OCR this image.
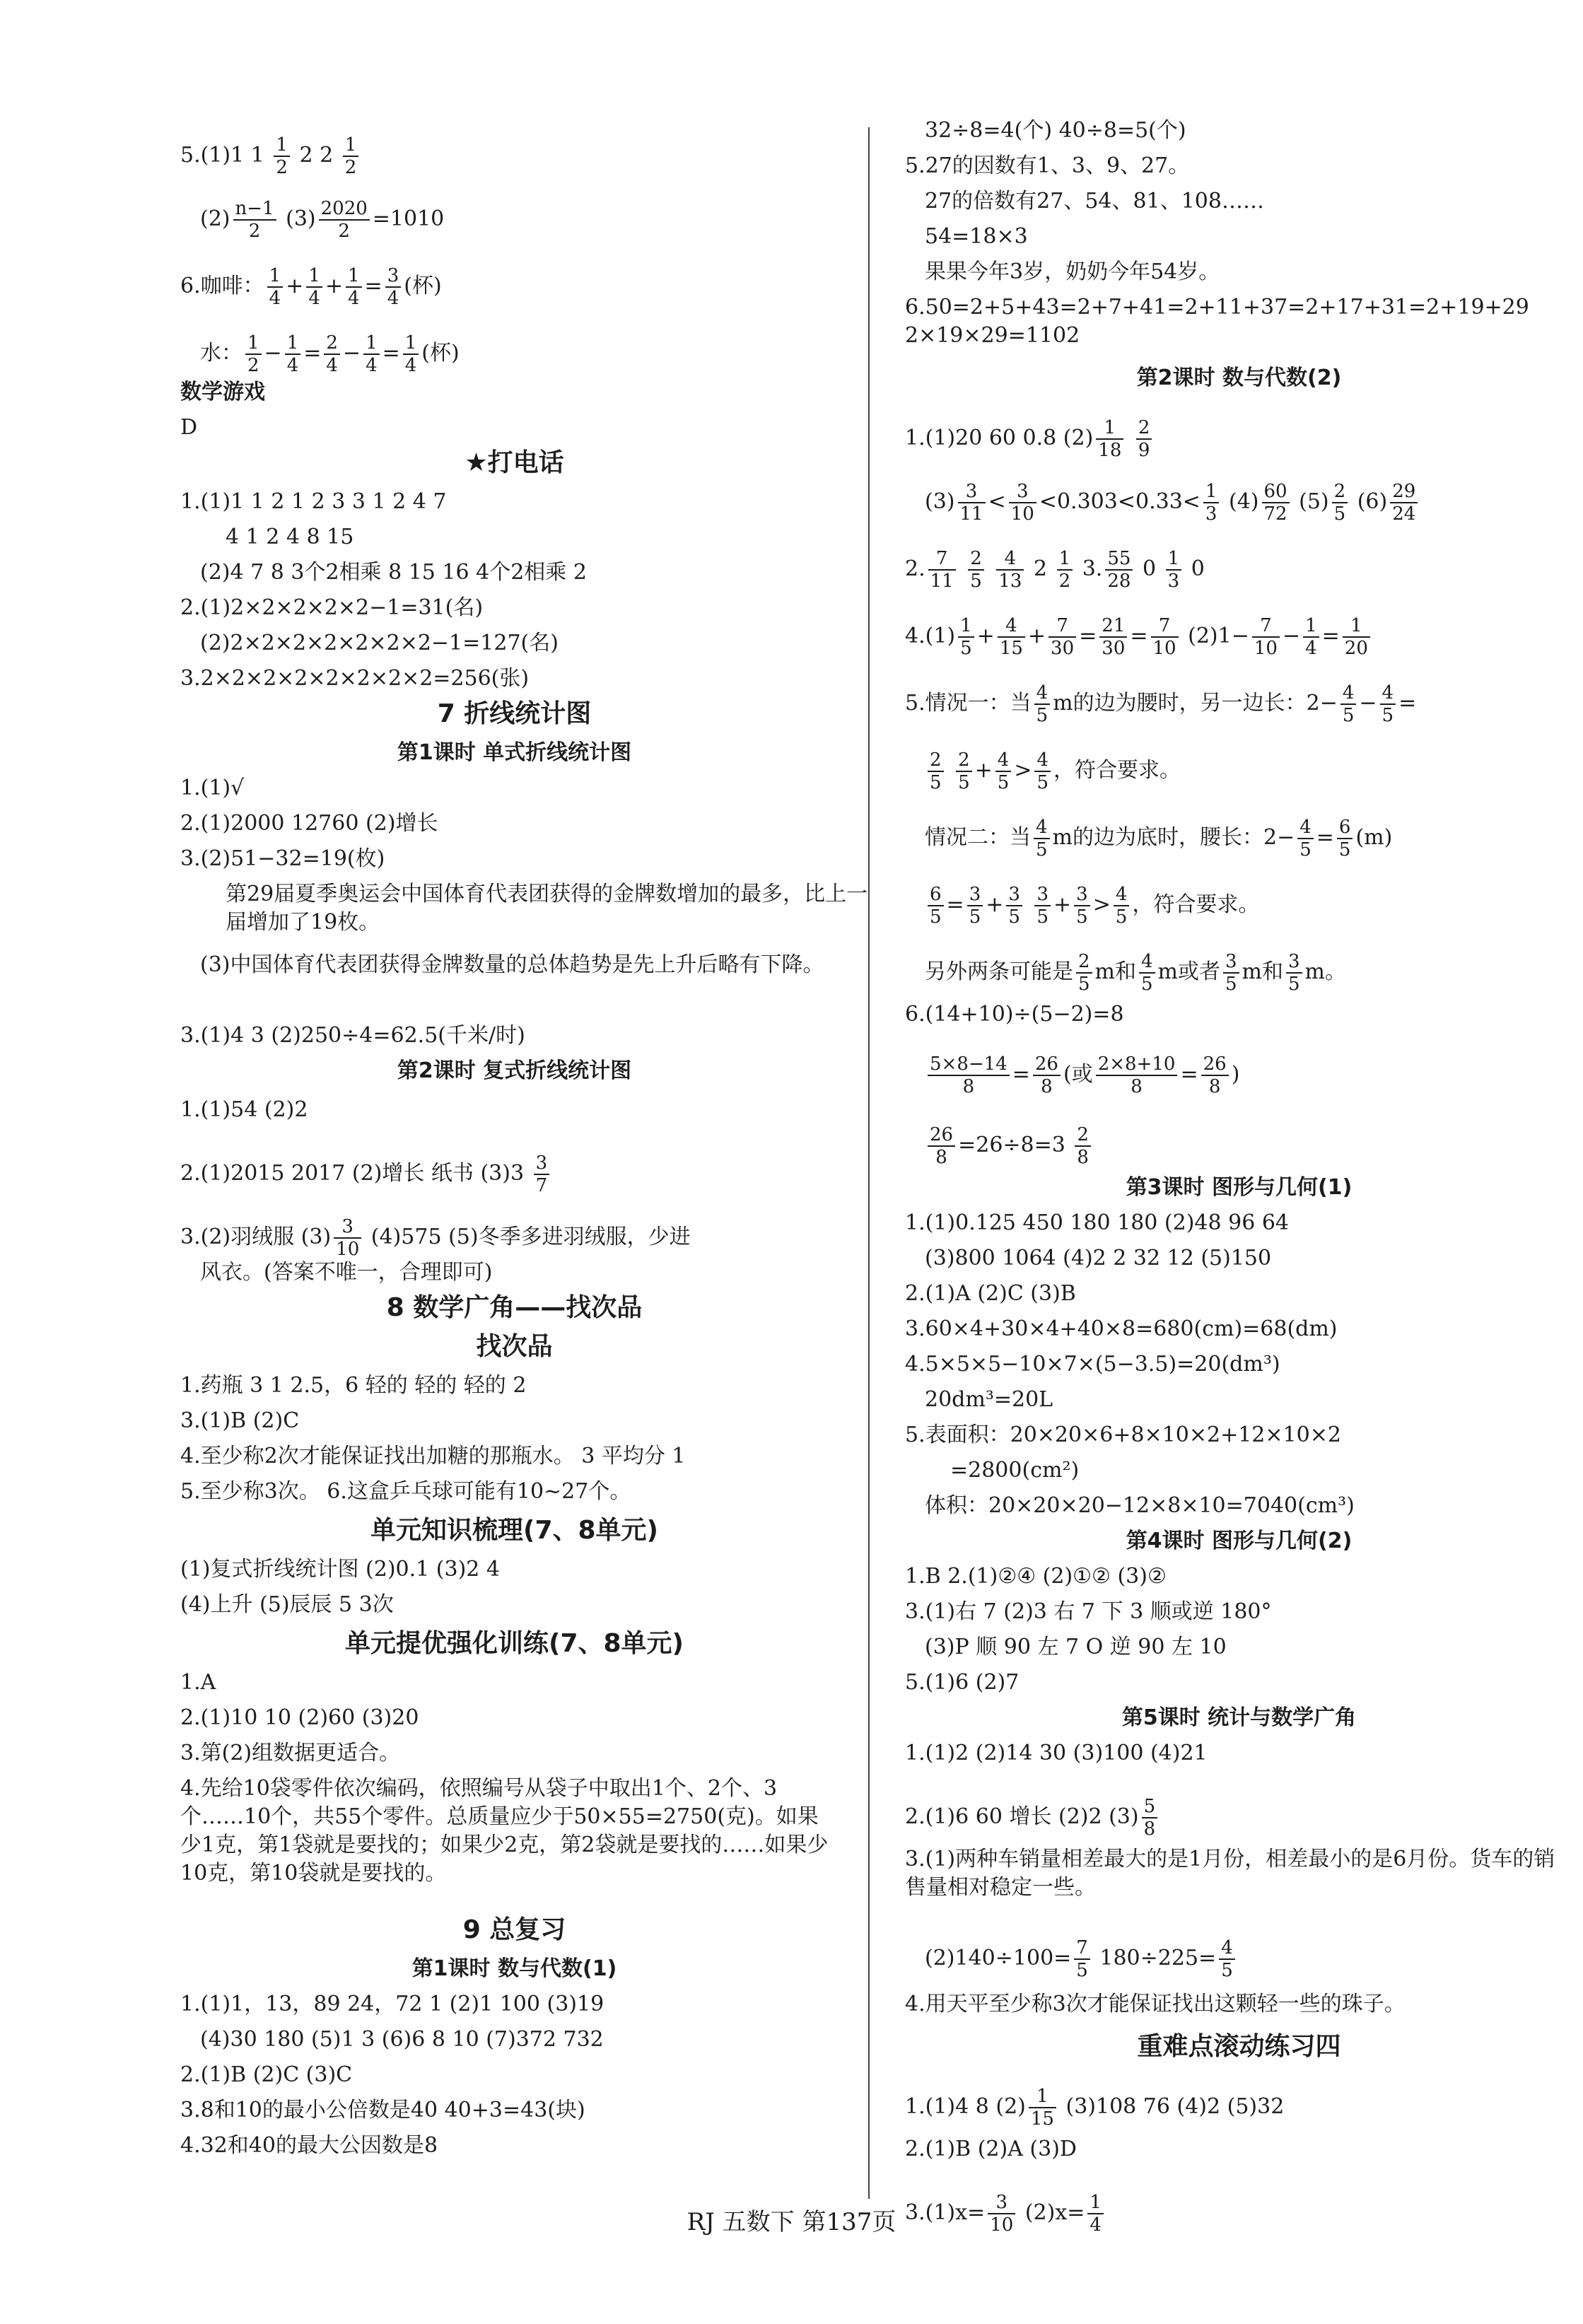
5.(1)1 $1 \frac{1}{2} 2$ $2 \frac{1}{2}$
$(2) \frac{n-1}{2} (3) \frac{2020}{2} =1010$
6.咖啡： $\frac{1}{4} + \frac{1}{4} + \frac{1}{4} = \frac{3}{4}$ (杯)
水： $\frac{1}{2} - \frac{1}{4} = \frac{2}{4} - \frac{1}{4} = \frac{1}{4}$ (杯)
数学游戏
D
★打电话
1.(1)1 1 2 1 2 3 3 1 2 4 7
4 1 2 4 8 15
(2)4 7 8 3个2相乘 8 15 16 4个2相乘 2
2.(1)2×2×2×2×2−1=31(名)
(2)2×2×2×2×2×2×2−1=127(名)
3.2×2×2×2×2×2×2×2=256(张)
7 折线统计图
第1课时 单式折线统计图
1.(1)√
2.(1)2000 12760 (2)增长
3.(2)51−32=19(枚)
第29届夏季奥运会中国体育代表团获得的金牌数增加的最多，比上一届增加了19枚。
(3)中国体育代表团获得金牌数量的总体趋势是先上升后略有下降。
3.(1)4 3 (2)250÷4=62.5(千米/时)
第2课时 复式折线统计图
1.(1)54 (2)2
2.(1)2015 2017 (2)增长 纸书 $(3)3 \frac{3}{7}$
3.(2)羽绒服 $(3) \frac{3}{10} (4)575$ (5)冬季多进羽绒服，少进
风衣。(答案不唯一，合理即可)
8 数学广角——找次品
找次品
1.药瓶 3 1 2.5，6 轻的 轻的 轻的 2
3.(1)B (2)C
4.至少称2次才能保证找出加糖的那瓶水。 3 平均分 1
5.至少称3次。 6.这盒乒乓球可能有10~27个。
单元知识梳理(7、8单元)
(1)复式折线统计图 (2)0.1 (3)2 4
(4)上升 (5)辰辰 5 3次
单元提优强化训练(7、8单元)
1.A
2.(1)10 10 (2)60 (3)20
3.第(2)组数据更适合。
4.先给10袋零件依次编码，依照编号从袋子中取出1个、2个、3个……10个，共55个零件。总质量应少于50×55=2750(克)。如果少1克，第1袋就是要找的；如果少2克，第2袋就是要找的……如果少10克，第10袋就是要找的。
9 总复习
第1课时 数与代数(1)
1.(1)1，13，89 24，72 1 (2)1 100 (3)19
(4)30 180 (5)1 3 (6)6 8 10 (7)372 732
2.(1)B (2)C (3)C
3.8和10的最小公倍数是40 40+3=43(块)
4.32和40的最大公因数是8
32÷8=4(个) 40÷8=5(个)
5.27的因数有1、3、9、27。
27的倍数有27、54、81、108……
54=18×3
果果今年3岁，奶奶今年54岁。
6.50=2+5+43=2+7+41=2+11+37=2+17+31=2+19+29 2×19×29=1102
第2课时 数与代数(2)
1.(1)20 60 0.8 $(2) \frac{1}{18}$
$\frac{2}{9}$
$(3) \frac{3}{11} < \frac{3}{10} <0.303<0.33< \frac{1}{3} (4) \frac{60}{72} (5) \frac{2}{5} (6) \frac{29}{24}$
2. $\frac{7}{11}$
$\frac{2}{5}$
$\frac{4}{13} 2 \frac{1}{2} 3$. $\frac{55}{28} 0 \frac{1}{3} 0$
$4.(1) \frac{1}{5} + \frac{4}{15} + \frac{7}{30} = \frac{21}{30} = \frac{7}{10} (2)1- \frac{7}{10} - \frac{1}{4} = \frac{1}{20}$
5.情况一：当 $\frac{4}{5}$ m的边为腰时，另一边长：$2- \frac{4}{5} - \frac{4}{5}$ =
$\frac{2}{5}$
$\frac{2}{5} + \frac{4}{5} > \frac{4}{5}$ ，符合要求。
情况二：当 $\frac{4}{5}$ m的边为底时，腰长：$2- \frac{4}{5} = \frac{6}{5} (m)$
$\frac{6}{5} = \frac{3}{5} + \frac{3}{5}$
$\frac{3}{5} + \frac{3}{5} > \frac{4}{5}$ ，符合要求。
另外两条可能是 $\frac{2}{5}$ m和 $\frac{4}{5}$ m或者 $\frac{3}{5}$ m和 $\frac{3}{5}$ m。
6.(14+10)÷(5−2)=8
$\frac{5\times 8-14}{8} = \frac{26}{8}$ (或 $\frac{2\times 8+10}{8} = \frac{26}{8}$ )
$\frac{26}{8} =26\div 8=3 \frac{2}{8}$
第3课时 图形与几何(1)
1.(1)0.125 450 180 180 (2)48 96 64
(3)800 1064 (4)2 2 32 12 (5)150
2.(1)A (2)C (3)B
3.60×4+30×4+40×8=680(cm)=68(dm)
4.5×5×5−10×7×(5−3.5)=20(dm³)
20dm³=20L
5.表面积：20×20×6+8×10×2+12×10×2
=2800(cm²)
体积：20×20×20−12×8×10=7040(cm³)
第4课时 图形与几何(2)
1.B 2.(1)②④ (2)①② (3)②
3.(1)右 7 (2)3 右 7 下 3 顺或逆 180°
(3)P 顺 90 左 7 O 逆 90 左 10
5.(1)6 (2)7
第5课时 统计与数学广角
1.(1)2 (2)14 30 (3)100 (4)21
2.(1)6 60 增长 (2)2 $(3) \frac{5}{8}$
3.(1)两种车销量相差最大的是1月份，相差最小的是6月份。货车的销售量相对稳定一些。
$(2)140\div 100= \frac{7}{5} 180\div 225= \frac{4}{5}$
4.用天平至少称3次才能保证找出这颗轻一些的珠子。
重难点滚动练习四
1.(1)4 8 $(2) \frac{1}{15} (3)108$ 76 (4)2 (5)32
2.(1)B (2)A (3)D
$3.(1)x= \frac{3}{10} (2)x= \frac{1}{4}$
RJ 五数下 第137页
